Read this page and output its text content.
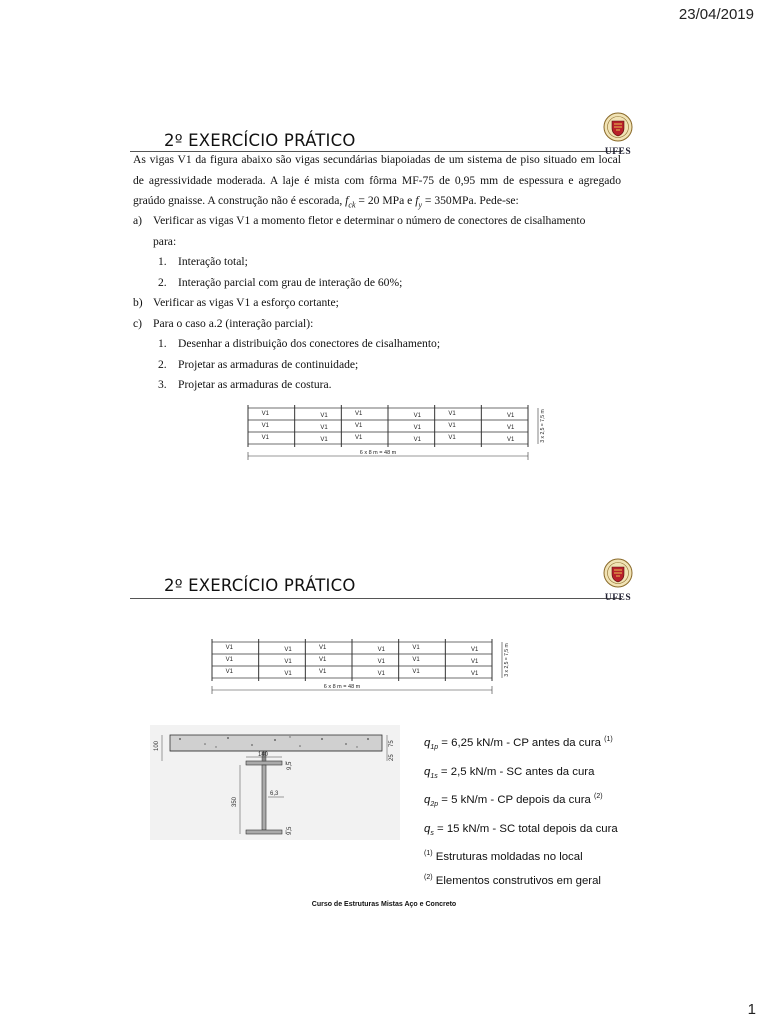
23/04/2019
2º EXERCÍCIO PRÁTICO
UFES
As vigas V1 da figura abaixo são vigas secundárias biapoiadas de um sistema de piso situado em local de agressividade moderada. A laje é mista com fôrma MF-75 de 0,95 mm de espessura e agregado graúdo gnaisse. A construção não é escorada, $f_{ck} = 20$ MPa e $f_y = 350MPa$. Pede-se:
a) Verificar as vigas V1 a momento fletor e determinar o número de conectores de cisalhamento
para:
1. Interação total;
2. Interação parcial com grau de interação de 60%;
b) Verificar as vigas V1 a esforço cortante;
c) Para o caso a.2 (interação parcial):
1. Desenhar a distribuição dos conectores de cisalhamento;
2. Projetar as armaduras de continuidade;
3. Projetar as armaduras de costura.
V1	V1	V1	V1	V1	V1
V1	V1	V1	V1	V1	V1
V1	V1	V1	V1	V1	V1
6 x 8 m = 48 m
3 x 2,5 = 7,5 m
2º EXERCÍCIO PRÁTICO
UFES
V1	V1	V1	V1	V1	V1
V1	V1	V1	V1	V1	V1
V1	V1	V1	V1	V1	V1
6 x 8 m = 48 m
3 x 2,5 = 7,5 m
100
140
75
25
350
9,5
6,3
9,5
$q_{1p} = 6,25$ kN/m - CP antes da cura $^{(1)}$
$q_{1s} = 2,5$ kN/m - SC antes da cura
$q_{2p} = 5$ kN/m - CP depois da cura $^{(2)}$
$q_s = 15$ kN/m - SC total depois da cura
$^{(1)}$ Estruturas moldadas no local
$^{(2)}$ Elementos construtivos em geral
Curso de Estruturas Mistas Aço e Concreto
1
